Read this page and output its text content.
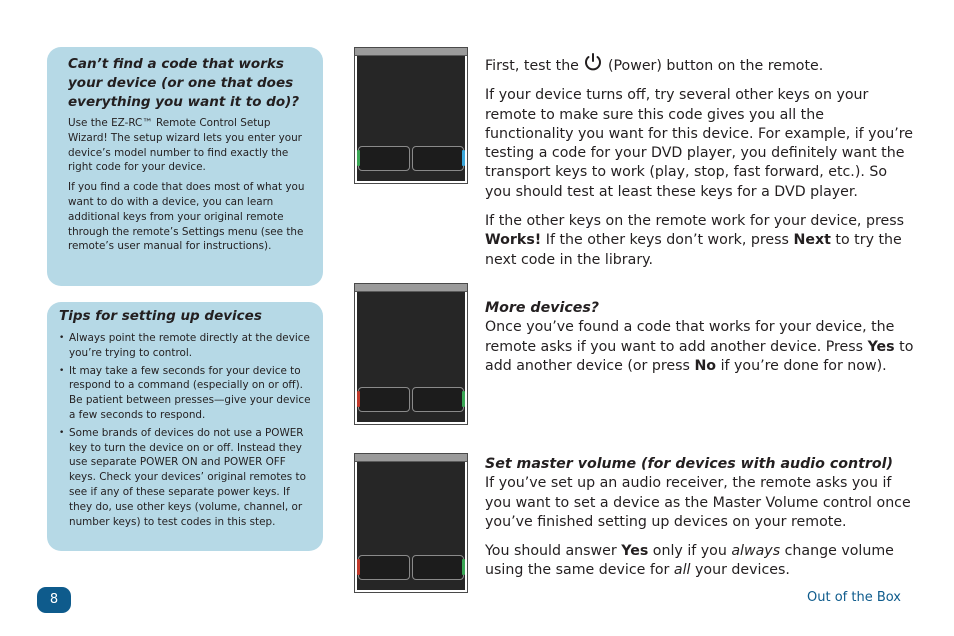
Can’t find a code that works your device (or one that does everything you want it to do)?

Use the EZ-RC™ Remote Control Setup Wizard! The setup wizard lets you enter your device’s model number to find exactly the right code for your device.

If you find a code that does most of what you want to do with a device, you can learn additional keys from your original remote through the remote’s Settings menu (see the remote’s user manual for instructions).

Tips for setting up devices

• Always point the remote directly at the device you’re trying to control.
• It may take a few seconds for your device to respond to a command (especially on or off). Be patient between presses—give your device a few seconds to respond.
• Some brands of devices do not use a POWER key to turn the device on or off. Instead they use separate POWER ON and POWER OFF keys. Check your devices’ original remotes to see if any of these separate power keys. If they do, use other keys (volume, channel, or number keys) to test codes in this step.

First, test the (Power) button on the remote.

If your device turns off, try several other keys on your remote to make sure this code gives you all the functionality you want for this device. For example, if you’re testing a code for your DVD player, you definitely want the transport keys to work (play, stop, fast forward, etc.). So you should test at least these keys for a DVD player.

If the other keys on the remote work for your device, press Works! If the other keys don’t work, press Next to try the next code in the library.

More devices?

Once you’ve found a code that works for your device, the remote asks if you want to add another device. Press Yes to add another device (or press No if you’re done for now).

Set master volume (for devices with audio control)

If you’ve set up an audio receiver, the remote asks you if you want to set a device as the Master Volume control once you’ve finished setting up devices on your remote.

You should answer Yes only if you always change volume using the same device for all your devices.

8	Out of the Box
